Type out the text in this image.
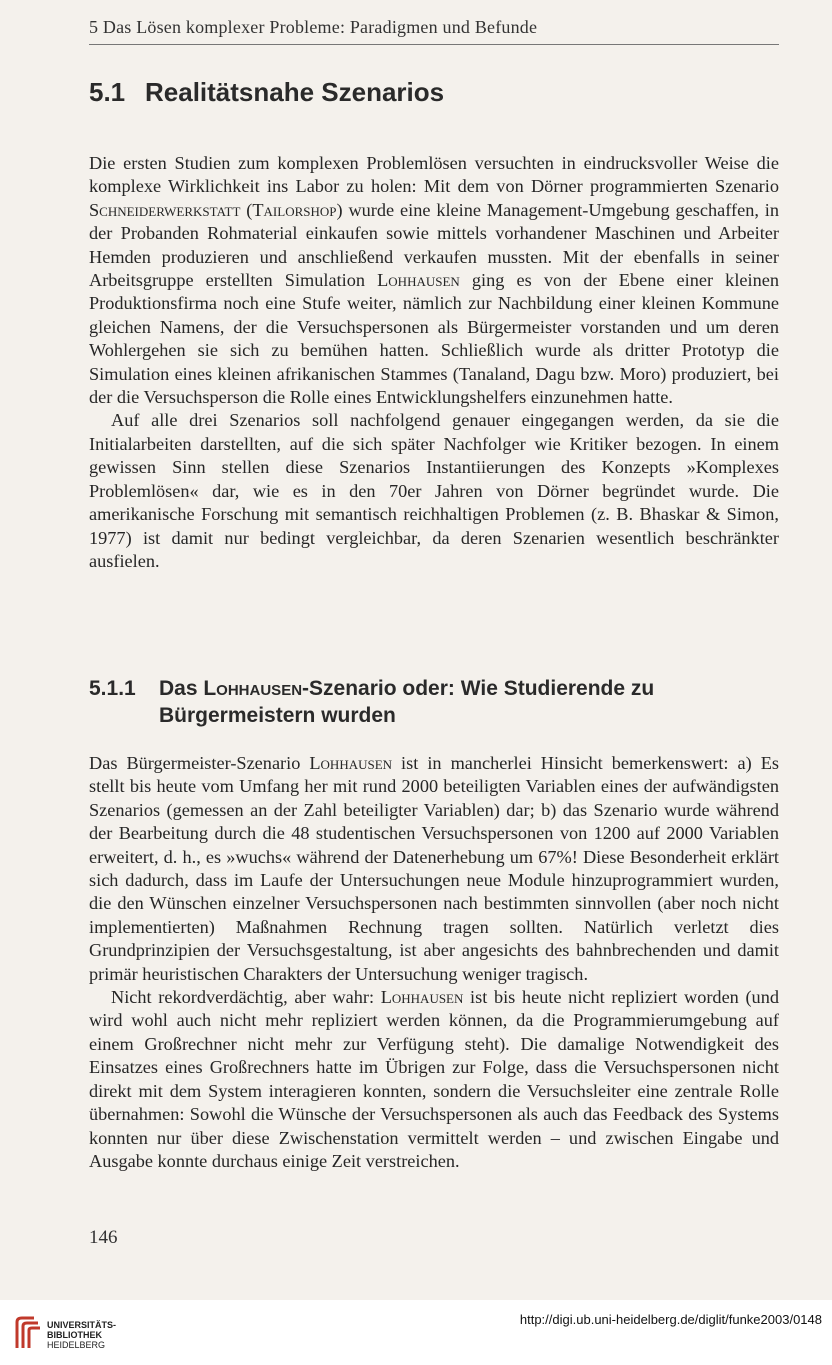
5 Das Lösen komplexer Probleme: Paradigmen und Befunde
5.1 Realitätsnahe Szenarios

Die ersten Studien zum komplexen Problemlösen versuchten in eindrucksvoller Weise die komplexe Wirklichkeit ins Labor zu holen: Mit dem von Dörner programmierten Szenario Schneiderwerkstatt (Tailorshop) wurde eine kleine Management-Umgebung geschaffen, in der Probanden Rohmaterial einkaufen sowie mittels vorhandener Maschinen und Arbeiter Hemden produzieren und anschließend verkaufen mussten. Mit der ebenfalls in seiner Arbeitsgruppe erstellten Simulation Lohhausen ging es von der Ebene einer kleinen Produktionsfirma noch eine Stufe weiter, nämlich zur Nachbildung einer kleinen Kommune gleichen Namens, der die Versuchspersonen als Bürgermeister vorstanden und um deren Wohlergehen sie sich zu bemühen hatten. Schließlich wurde als dritter Prototyp die Simulation eines kleinen afrikanischen Stammes (Tanaland, Dagu bzw. Moro) produziert, bei der die Versuchsperson die Rolle eines Entwicklungshelfers einzunehmen hatte.

Auf alle drei Szenarios soll nachfolgend genauer eingegangen werden, da sie die Initialarbeiten darstellten, auf die sich später Nachfolger wie Kritiker bezogen. In einem gewissen Sinn stellen diese Szenarios Instantiierungen des Konzepts »Komplexes Problemlösen« dar, wie es in den 70er Jahren von Dörner begründet wurde. Die amerikanische Forschung mit semantisch reichhaltigen Problemen (z. B. Bhaskar & Simon, 1977) ist damit nur bedingt vergleichbar, da deren Szenarien wesentlich beschränkter ausfielen.

5.1.1 Das Lohhausen-Szenario oder: Wie Studierende zu Bürgermeistern wurden

Das Bürgermeister-Szenario Lohhausen ist in mancherlei Hinsicht bemerkenswert: a) Es stellt bis heute vom Umfang her mit rund 2000 beteiligten Variablen eines der aufwändigsten Szenarios (gemessen an der Zahl beteiligter Variablen) dar; b) das Szenario wurde während der Bearbeitung durch die 48 studentischen Versuchspersonen von 1200 auf 2000 Variablen erweitert, d. h., es »wuchs« während der Datenerhebung um 67%! Diese Besonderheit erklärt sich dadurch, dass im Laufe der Untersuchungen neue Module hinzuprogrammiert wurden, die den Wünschen einzelner Versuchspersonen nach bestimmten sinnvollen (aber noch nicht implementierten) Maßnahmen Rechnung tragen sollten. Natürlich verletzt dies Grundprinzipien der Versuchsgestaltung, ist aber angesichts des bahnbrechenden und damit primär heuristischen Charakters der Untersuchung weniger tragisch.

Nicht rekordverdächtig, aber wahr: Lohhausen ist bis heute nicht repliziert worden (und wird wohl auch nicht mehr repliziert werden können, da die Programmierumgebung auf einem Großrechner nicht mehr zur Verfügung steht). Die damalige Notwendigkeit des Einsatzes eines Großrechners hatte im Übrigen zur Folge, dass die Versuchspersonen nicht direkt mit dem System interagieren konnten, sondern die Versuchsleiter eine zentrale Rolle übernahmen: Sowohl die Wünsche der Versuchspersonen als auch das Feedback des Systems konnten nur über diese Zwischenstation vermittelt werden – und zwischen Eingabe und Ausgabe konnte durchaus einige Zeit verstreichen.

146
UNIVERSITÄTS-
BIBLIOTHEK
HEIDELBERG
http://digi.ub.uni-heidelberg.de/diglit/funke2003/0148
